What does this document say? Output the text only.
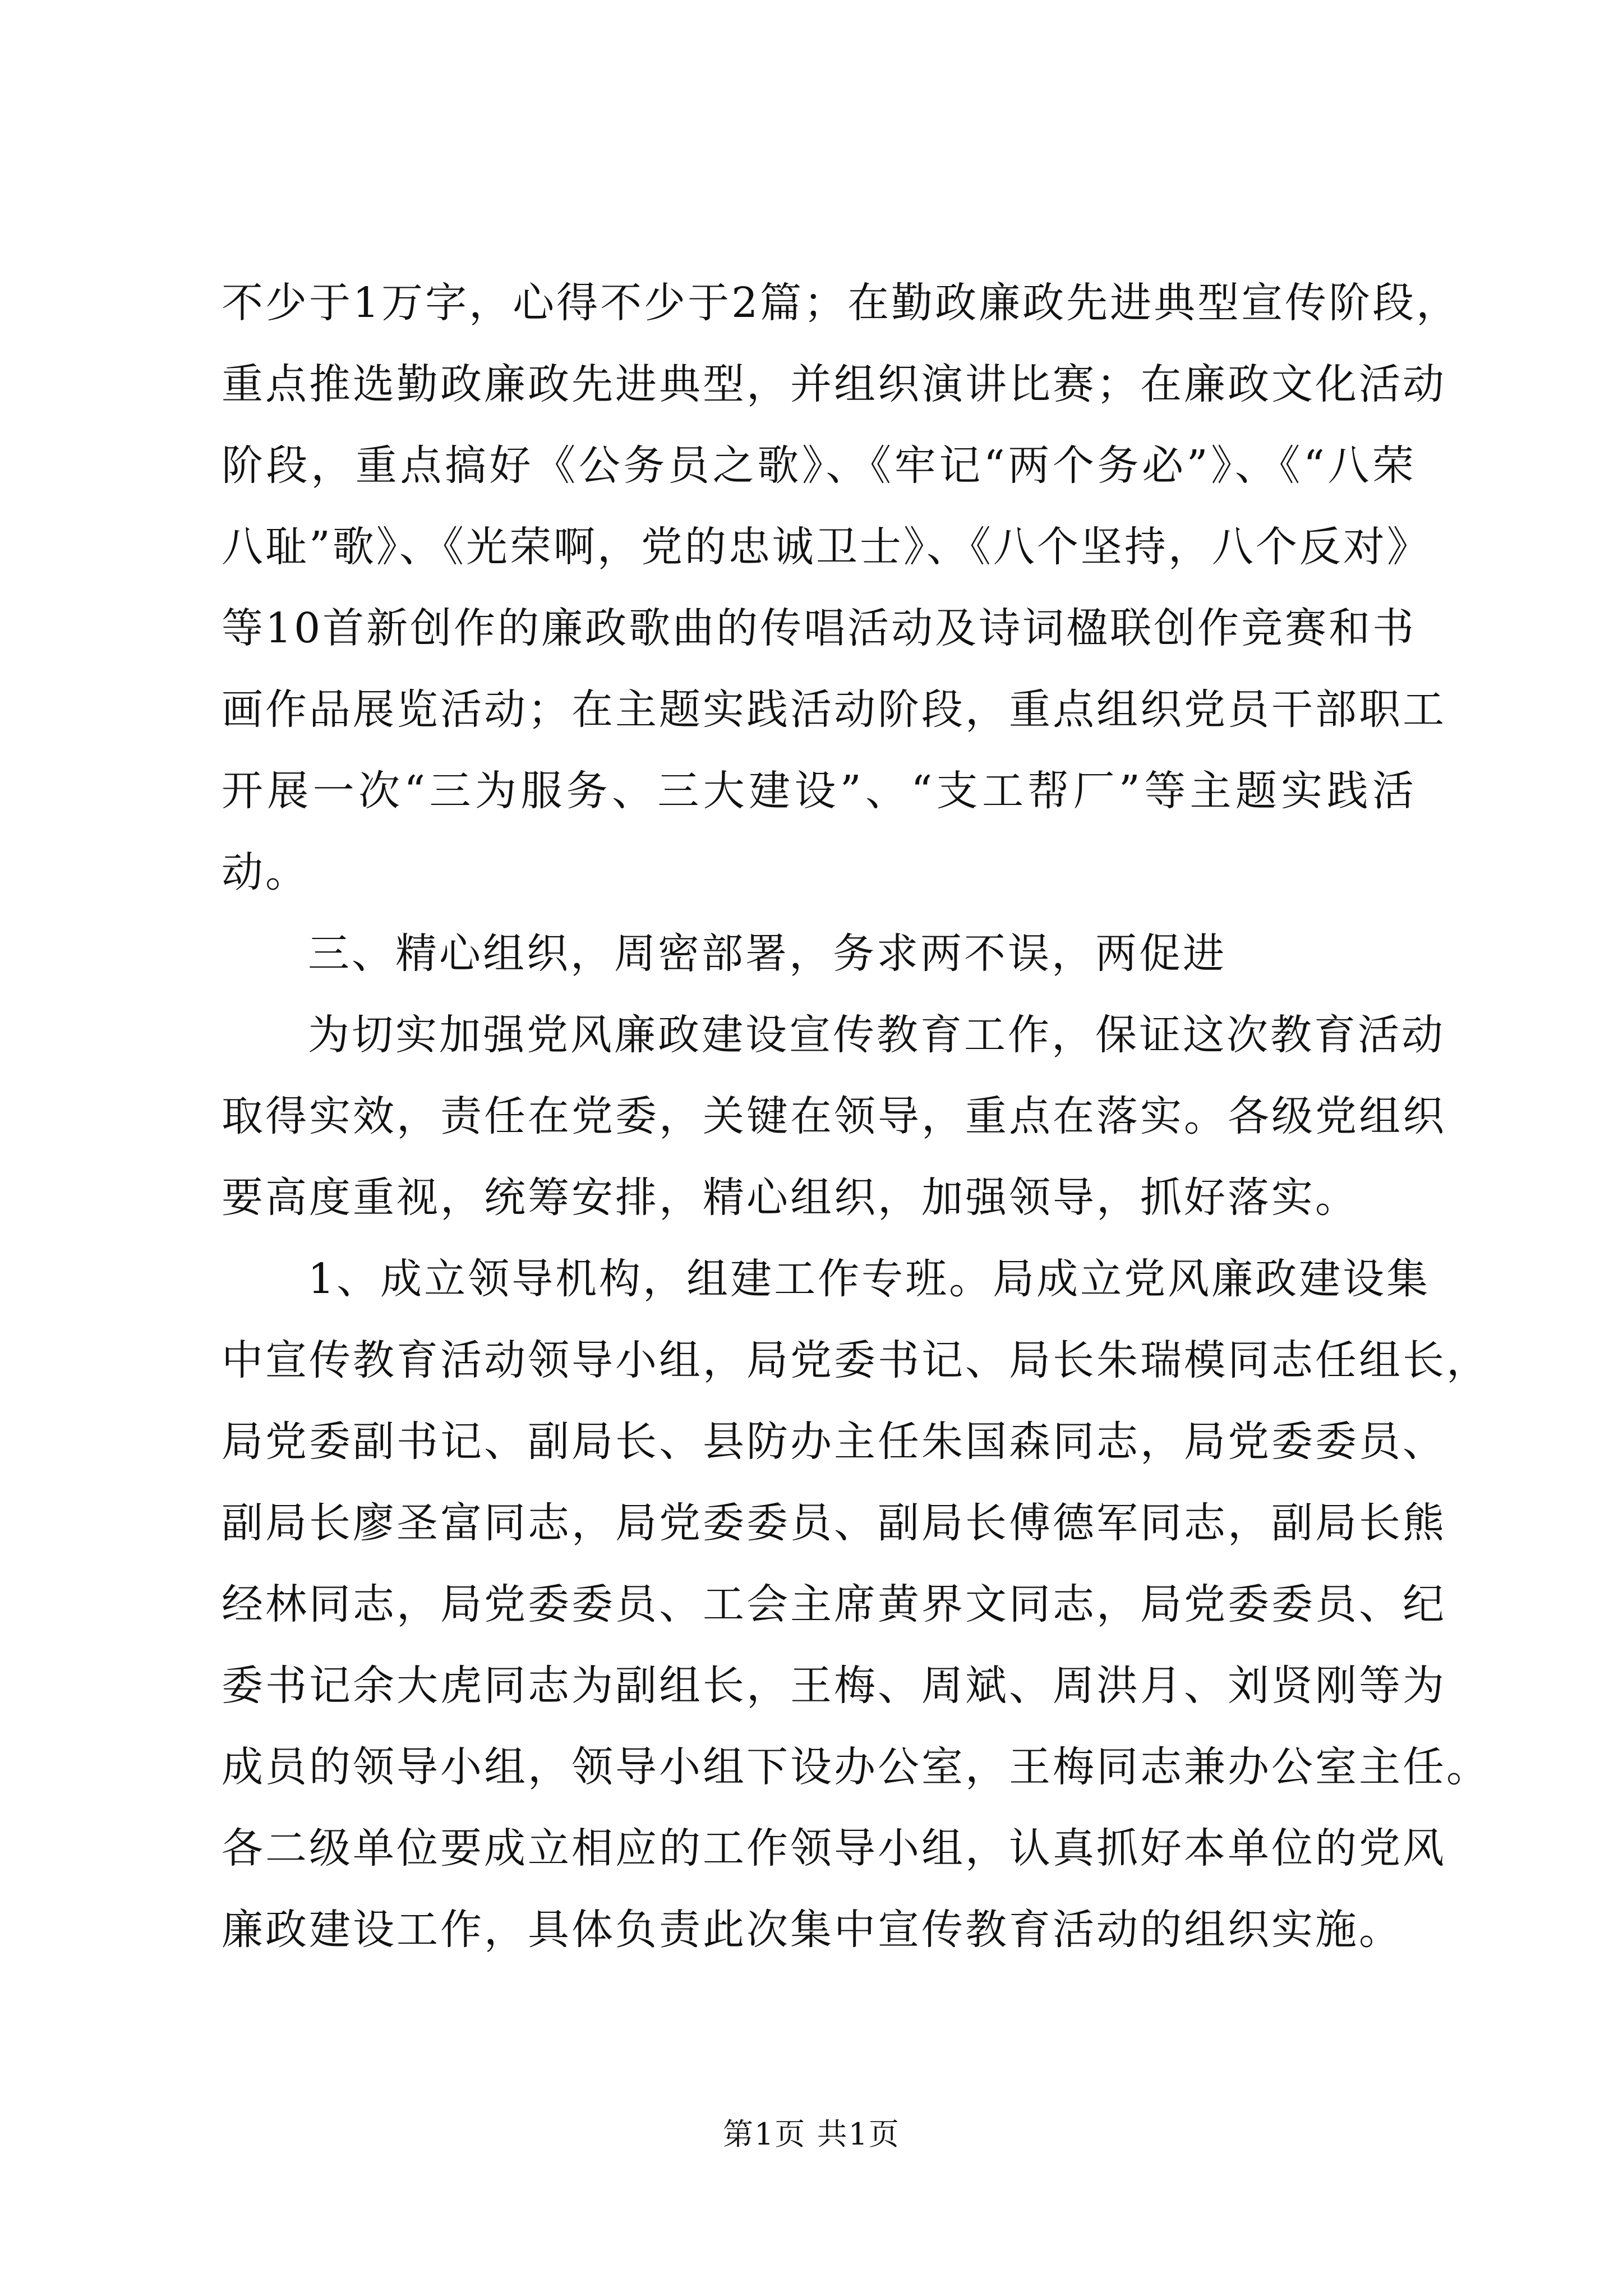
不少于1万字，心得不少于2篇；在勤政廉政先进典型宣传阶段，
重点推选勤政廉政先进典型，并组织演讲比赛；在廉政文化活动
阶段，重点搞好《公务员之歌》、《牢记“两个务必”》、《“八荣
八耻”歌》、《光荣啊，党的忠诚卫士》、《八个坚持，八个反对》
等10首新创作的廉政歌曲的传唱活动及诗词楹联创作竞赛和书
画作品展览活动；在主题实践活动阶段，重点组织党员干部职工
开展一次“三为服务、三大建设”、“支工帮厂”等主题实践活
动。
三、精心组织，周密部署，务求两不误，两促进
为切实加强党风廉政建设宣传教育工作，保证这次教育活动
取得实效，责任在党委，关键在领导，重点在落实。各级党组织
要高度重视，统筹安排，精心组织，加强领导，抓好落实。
1、成立领导机构，组建工作专班。局成立党风廉政建设集
中宣传教育活动领导小组，局党委书记、局长朱瑞模同志任组长，
局党委副书记、副局长、县防办主任朱国森同志，局党委委员、
副局长廖圣富同志，局党委委员、副局长傅德军同志，副局长熊
经林同志，局党委委员、工会主席黄界文同志，局党委委员、纪
委书记余大虎同志为副组长，王梅、周斌、周洪月、刘贤刚等为
成员的领导小组，领导小组下设办公室，王梅同志兼办公室主任。
各二级单位要成立相应的工作领导小组，认真抓好本单位的党风
廉政建设工作，具体负责此次集中宣传教育活动的组织实施。
第1页 共1页
